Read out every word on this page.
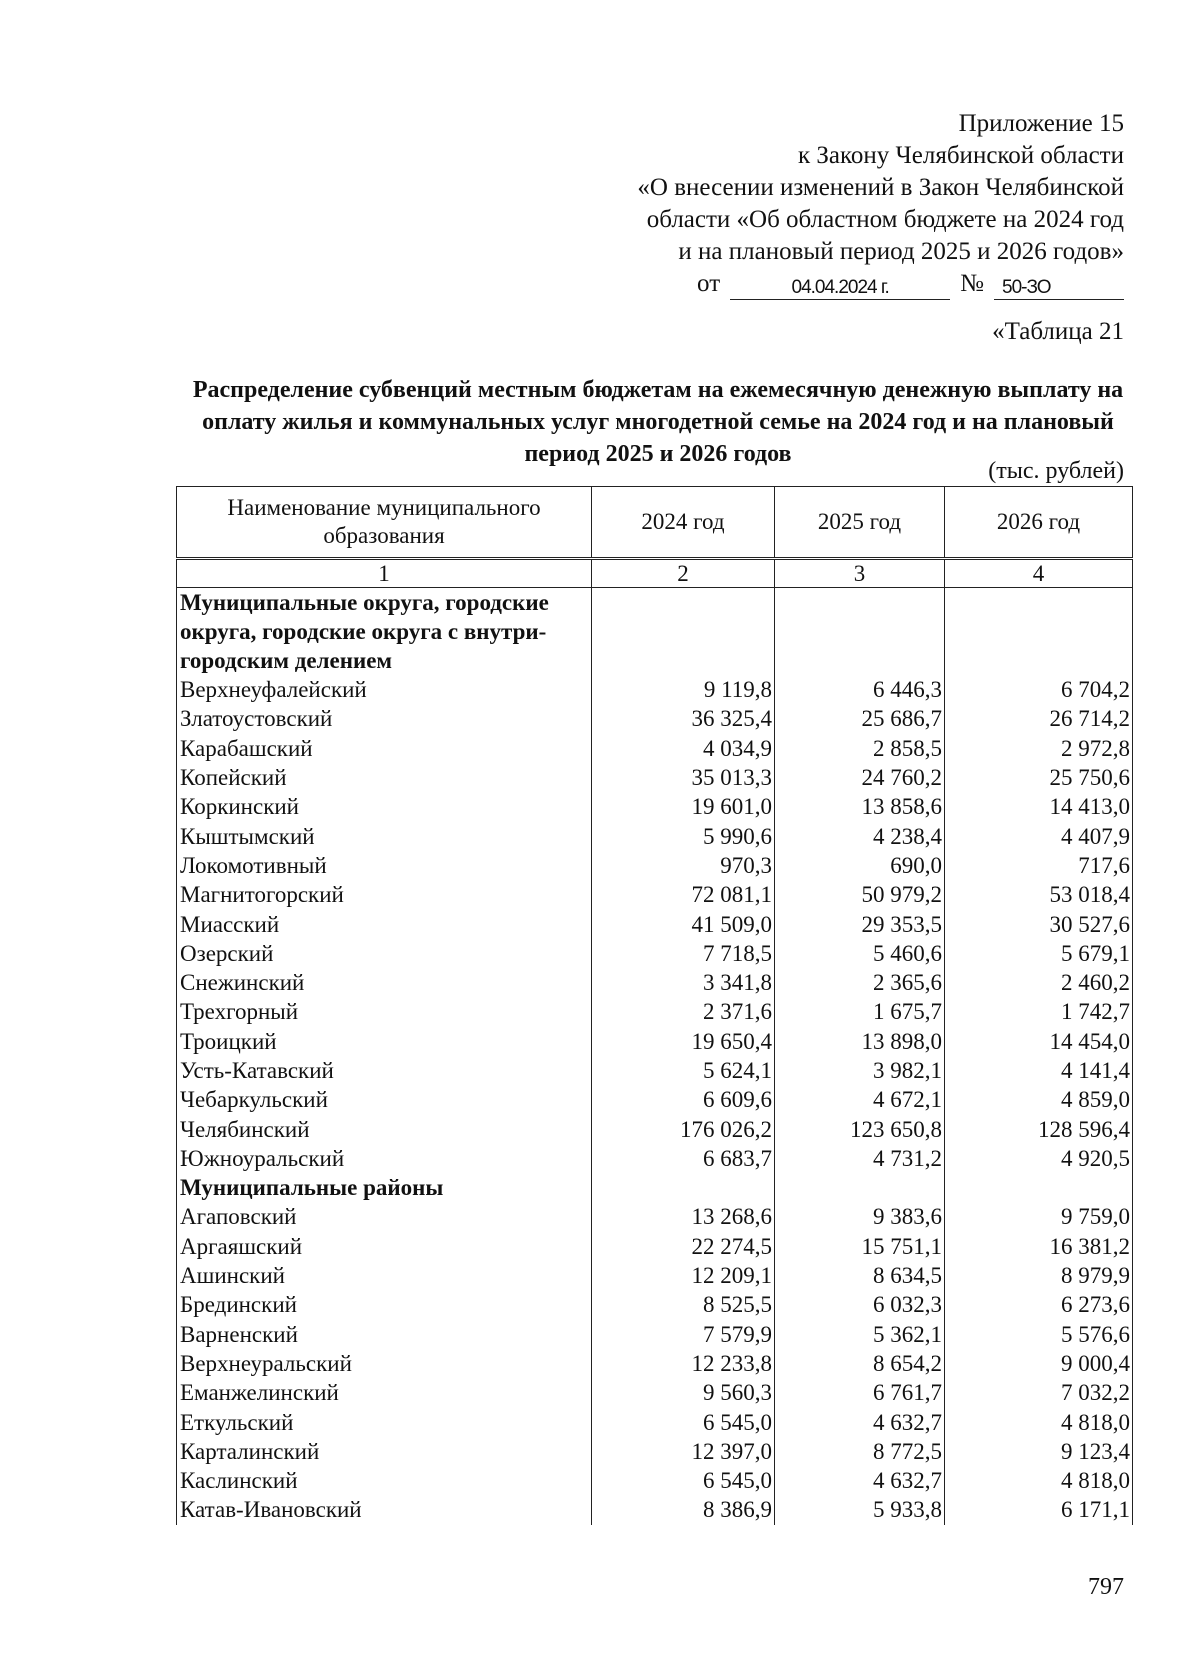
Приложение 15
к Закону Челябинской области
«О внесении изменений в Закон Челябинской
области «Об областном бюджете на 2024 год
и на плановый период 2025 и 2026 годов»
от	04.04.2024 г.	№ 50-ЗО
«Таблица 21
Распределение субвенций местным бюджетам на ежемесячную денежную выплату на оплату жилья и коммунальных услуг многодетной семье на 2024 год и на плановый период 2025 и 2026 годов
(тыс. рублей)
Наименование муниципального образования	2024 год	2025 год	2026 год
1	2	3	4
Муниципальные округа, городские округа, городские округа с внутри-городским делением			
Верхнеуфалейский	9 119,8	6 446,3	6 704,2
Златоустовский	36 325,4	25 686,7	26 714,2
Карабашский	4 034,9	2 858,5	2 972,8
Копейский	35 013,3	24 760,2	25 750,6
Коркинский	19 601,0	13 858,6	14 413,0
Кыштымский	5 990,6	4 238,4	4 407,9
Локомотивный	970,3	690,0	717,6
Магнитогорский	72 081,1	50 979,2	53 018,4
Миасский	41 509,0	29 353,5	30 527,6
Озерский	7 718,5	5 460,6	5 679,1
Снежинский	3 341,8	2 365,6	2 460,2
Трехгорный	2 371,6	1 675,7	1 742,7
Троицкий	19 650,4	13 898,0	14 454,0
Усть-Катавский	5 624,1	3 982,1	4 141,4
Чебаркульский	6 609,6	4 672,1	4 859,0
Челябинский	176 026,2	123 650,8	128 596,4
Южноуральский	6 683,7	4 731,2	4 920,5
Муниципальные районы			
Агаповский	13 268,6	9 383,6	9 759,0
Аргаяшский	22 274,5	15 751,1	16 381,2
Ашинский	12 209,1	8 634,5	8 979,9
Брединский	8 525,5	6 032,3	6 273,6
Варненский	7 579,9	5 362,1	5 576,6
Верхнеуральский	12 233,8	8 654,2	9 000,4
Еманжелинский	9 560,3	6 761,7	7 032,2
Еткульский	6 545,0	4 632,7	4 818,0
Карталинский	12 397,0	8 772,5	9 123,4
Каслинский	6 545,0	4 632,7	4 818,0
Катав-Ивановский	8 386,9	5 933,8	6 171,1
797
